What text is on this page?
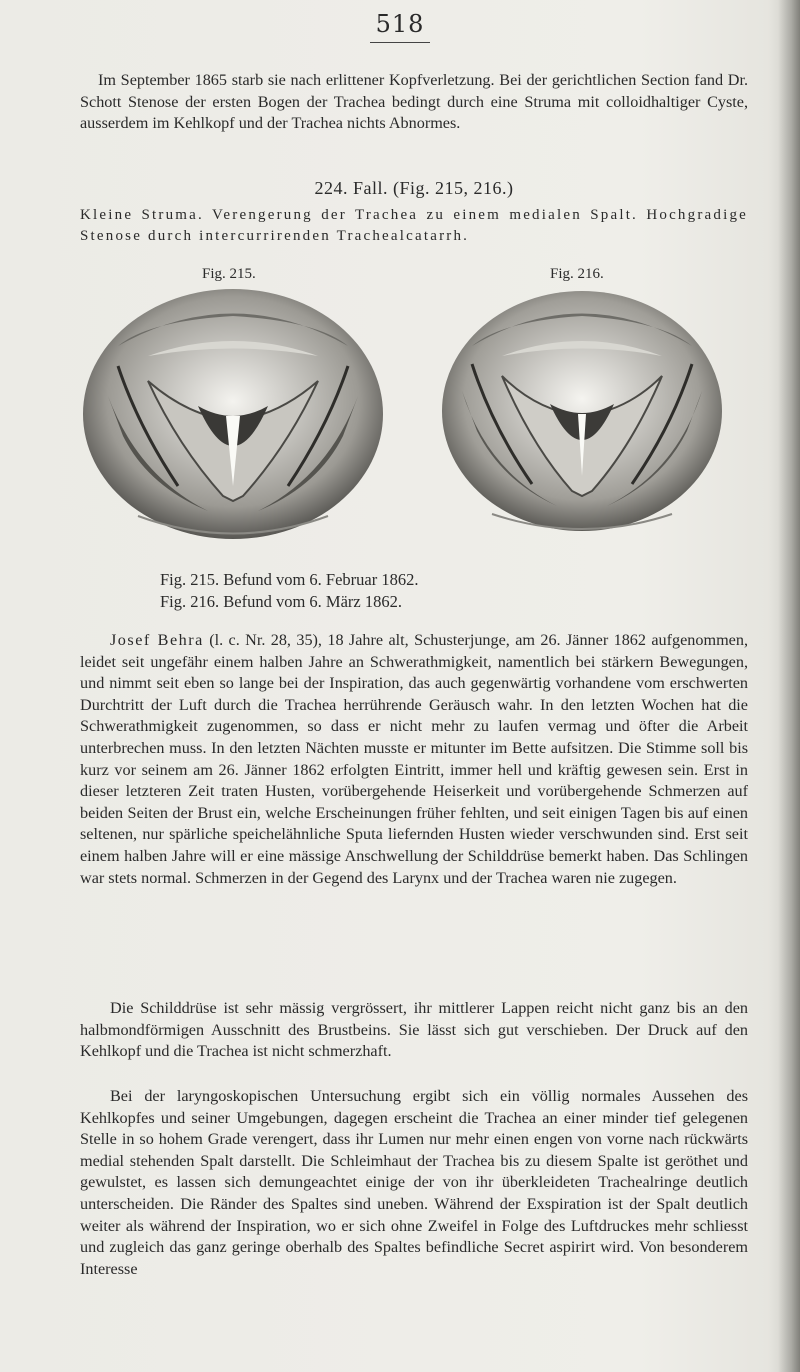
518

Im September 1865 starb sie nach erlittener Kopfverletzung. Bei der gerichtlichen Section fand Dr. Schott Stenose der ersten Bogen der Trachea bedingt durch eine Struma mit colloidhaltiger Cyste, ausserdem im Kehlkopf und der Trachea nichts Abnormes.

224. Fall. (Fig. 215, 216.)

Kleine Struma. Verengerung der Trachea zu einem medialen Spalt. Hochgradige Stenose durch intercurrirenden Trachealcatarrh.

Fig. 215.	Fig. 216.
Fig. 215. Befund vom 6. Februar 1862.
Fig. 216. Befund vom 6. März 1862.

Josef Behra (l. c. Nr. 28, 35), 18 Jahre alt, Schusterjunge, am 26. Jänner 1862 aufgenommen, leidet seit ungefähr einem halben Jahre an Schwerathmigkeit, namentlich bei stärkern Bewegungen, und nimmt seit eben so lange bei der Inspiration, das auch gegenwärtig vorhandene vom erschwerten Durchtritt der Luft durch die Trachea herrührende Geräusch wahr. In den letzten Wochen hat die Schwerathmigkeit zugenommen, so dass er nicht mehr zu laufen vermag und öfter die Arbeit unterbrechen muss. In den letzten Nächten musste er mitunter im Bette aufsitzen. Die Stimme soll bis kurz vor seinem am 26. Jänner 1862 erfolgten Eintritt, immer hell und kräftig gewesen sein. Erst in dieser letzteren Zeit traten Husten, vorübergehende Heiserkeit und vorübergehende Schmerzen auf beiden Seiten der Brust ein, welche Erscheinungen früher fehlten, und seit einigen Tagen bis auf einen seltenen, nur spärliche speichelähnliche Sputa liefernden Husten wieder verschwunden sind. Erst seit einem halben Jahre will er eine mässige Anschwellung der Schilddrüse bemerkt haben. Das Schlingen war stets normal. Schmerzen in der Gegend des Larynx und der Trachea waren nie zugegen.

Die Schilddrüse ist sehr mässig vergrössert, ihr mittlerer Lappen reicht nicht ganz bis an den halbmondförmigen Ausschnitt des Brustbeins. Sie lässt sich gut verschieben. Der Druck auf den Kehlkopf und die Trachea ist nicht schmerzhaft.

Bei der laryngoskopischen Untersuchung ergibt sich ein völlig normales Aussehen des Kehlkopfes und seiner Umgebungen, dagegen erscheint die Trachea an einer minder tief gelegenen Stelle in so hohem Grade verengert, dass ihr Lumen nur mehr einen engen von vorne nach rückwärts medial stehenden Spalt darstellt. Die Schleimhaut der Trachea bis zu diesem Spalte ist geröthet und gewulstet, es lassen sich demungeachtet einige der von ihr überkleideten Trachealringe deutlich unterscheiden. Die Ränder des Spaltes sind uneben. Während der Exspiration ist der Spalt deutlich weiter als während der Inspiration, wo er sich ohne Zweifel in Folge des Luftdruckes mehr schliesst und zugleich das ganz geringe oberhalb des Spaltes befindliche Secret aspirirt wird. Von besonderem Interesse
